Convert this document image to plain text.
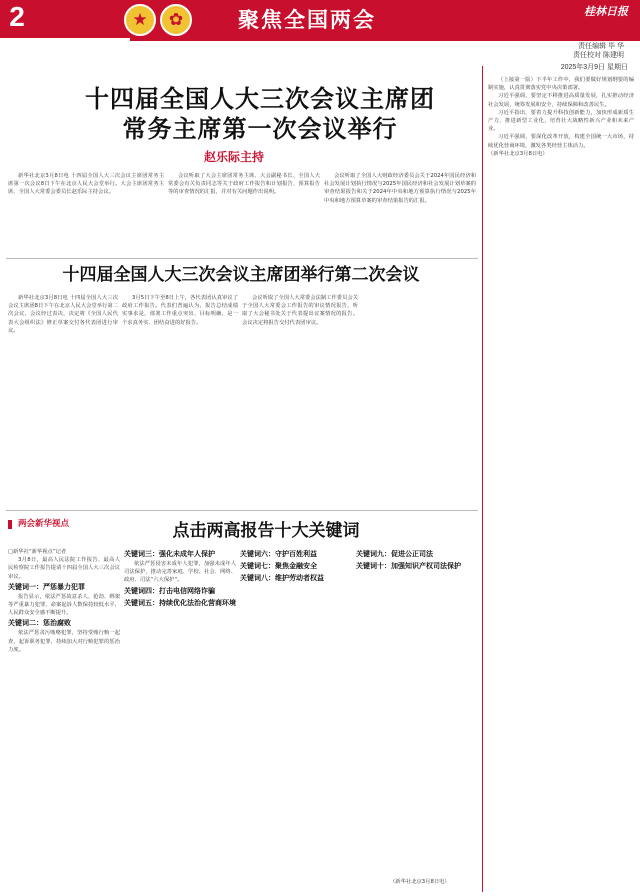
2	★	✿	聚焦全国两会	桂林日报
责任编辑 毕 华
责任校对 陈建明
2025年3月9日 星期日
十四届全国人大三次会议主席团
常务主席第一次会议举行
赵乐际主持

新华社北京3月8日电 十四届全国人大三次会议主席团常务主席第一次会议8日下午在北京人民大会堂举行。大会主席团常务主席、全国人大常委会委员长赵乐际主持会议。

会议听取了大会主席团常务主席、大会副秘书长、全国人大常委会有关负责同志等关于政府工作报告和计划报告、预算报告等的审查情况的汇报，并对有关问题作出说明。

会议听取了全国人大财政经济委员会关于2024年国民经济和社会发展计划执行情况与2025年国民经济和社会发展计划草案的审查结果报告和关于2024年中央和地方预算执行情况与2025年中央和地方预算草案的审查结果报告的汇报。

十四届全国人大三次会议主席团举行第二次会议

新华社北京3月8日电 十四届全国人大三次会议主席团8日下午在北京人民大会堂举行第二次会议，会议经过表决，决定将《全国人民代表大会组织法》修正草案交付各代表团进行审议。

3月5日下午至8日上午，各代表团认真审议了政府工作报告。代表们普遍认为，报告总结成绩实事求是，部署工作重点突出、目标明确，是一个求真务实、团结奋进的好报告。

会议听取了全国人大常委会法制工作委员会关于全国人大常委会工作报告的审议情况报告，听取了大会秘书处关于代表提出议案情况的报告。会议决定将报告交付代表团审议。

两会新华视点	点击两高报告十大关键词

□新华社“新华视点”记者

3月8日，最高人民法院工作报告、最高人民检察院工作报告提请十四届全国人大三次会议审议。

关键词一：严惩暴力犯罪

报告显示，依法严惩故意杀人、抢劫、绑架等严重暴力犯罪，命案起诉人数保持较低水平，人民群众安全感不断提升。

关键词二：惩治腐败

依法严惩贪污贿赂犯罪，坚持受贿行贿一起查，起诉职务犯罪，持续加大对行贿犯罪的惩治力度。

关键词三：强化未成年人保护

依法严惩侵害未成年人犯罪，加强未成年人司法保护，推动完善家庭、学校、社会、网络、政府、司法“六大保护”。

关键词四：打击电信网络诈骗

关键词五：持续优化法治化营商环境

关键词六：守护百姓利益

关键词七：聚焦金融安全

关键词八：维护劳动者权益

关键词九：促进公正司法

关键词十：加强知识产权司法保护

（新华社北京3月8日电）

（上接第一版）下半年工作中，我们要做好规划纲要的编制实施，认真贯彻落实党中央决策部署。

习近平强调，要坚定不移推进高质量发展，扎实推动经济社会发展，统筹发展和安全，持续保障和改善民生。

习近平指出，要着力提升科技创新能力，加快形成新质生产力，推进新型工业化，培育壮大战略性新兴产业和未来产业。

习近平强调，要深化改革开放，构建全国统一大市场，持续优化营商环境，激发各类经营主体活力。

（新华社北京3月8日电）
